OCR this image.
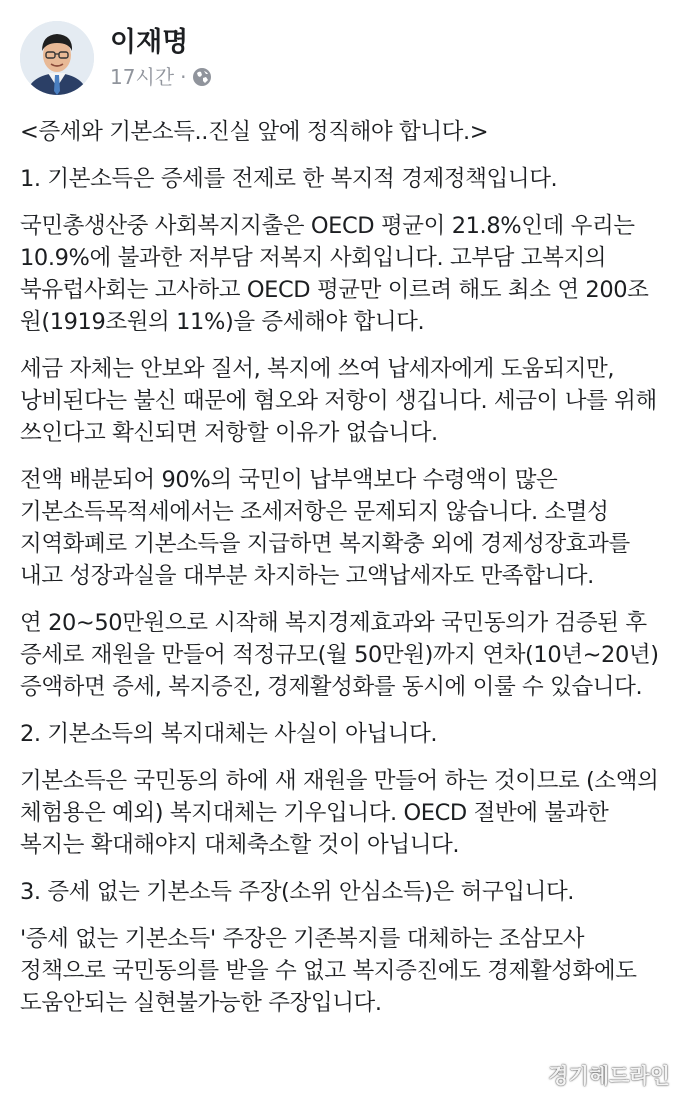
이재명
17시간 ·

<증세와 기본소득..진실 앞에 정직해야 합니다.>

1. 기본소득은 증세를 전제로 한 복지적 경제정책입니다.

국민총생산중 사회복지지출은 OECD 평균이 21.8%인데 우리는 10.9%에 불과한 저부담 저복지 사회입니다. 고부담 고복지의 북유럽사회는 고사하고 OECD 평균만 이르려 해도 최소 연 200조 원(1919조원의 11%)을 증세해야 합니다.

세금 자체는 안보와 질서, 복지에 쓰여 납세자에게 도움되지만, 낭비된다는 불신 때문에 혐오와 저항이 생깁니다. 세금이 나를 위해 쓰인다고 확신되면 저항할 이유가 없습니다.

전액 배분되어 90%의 국민이 납부액보다 수령액이 많은 기본소득목적세에서는 조세저항은 문제되지 않습니다. 소멸성 지역화폐로 기본소득을 지급하면 복지확충 외에 경제성장효과를 내고 성장과실을 대부분 차지하는 고액납세자도 만족합니다.

연 20~50만원으로 시작해 복지경제효과와 국민동의가 검증된 후 증세로 재원을 만들어 적정규모(월 50만원)까지 연차(10년~20년) 증액하면 증세, 복지증진, 경제활성화를 동시에 이룰 수 있습니다.

2. 기본소득의 복지대체는 사실이 아닙니다.

기본소득은 국민동의 하에 새 재원을 만들어 하는 것이므로 (소액의 체험용은 예외) 복지대체는 기우입니다. OECD 절반에 불과한 복지는 확대해야지 대체축소할 것이 아닙니다.

3. 증세 없는 기본소득 주장(소위 안심소득)은 허구입니다.

'증세 없는 기본소득' 주장은 기존복지를 대체하는 조삼모사 정책으로 국민동의를 받을 수 없고 복지증진에도 경제활성화에도 도움안되는 실현불가능한 주장입니다.

경기헤드라인
